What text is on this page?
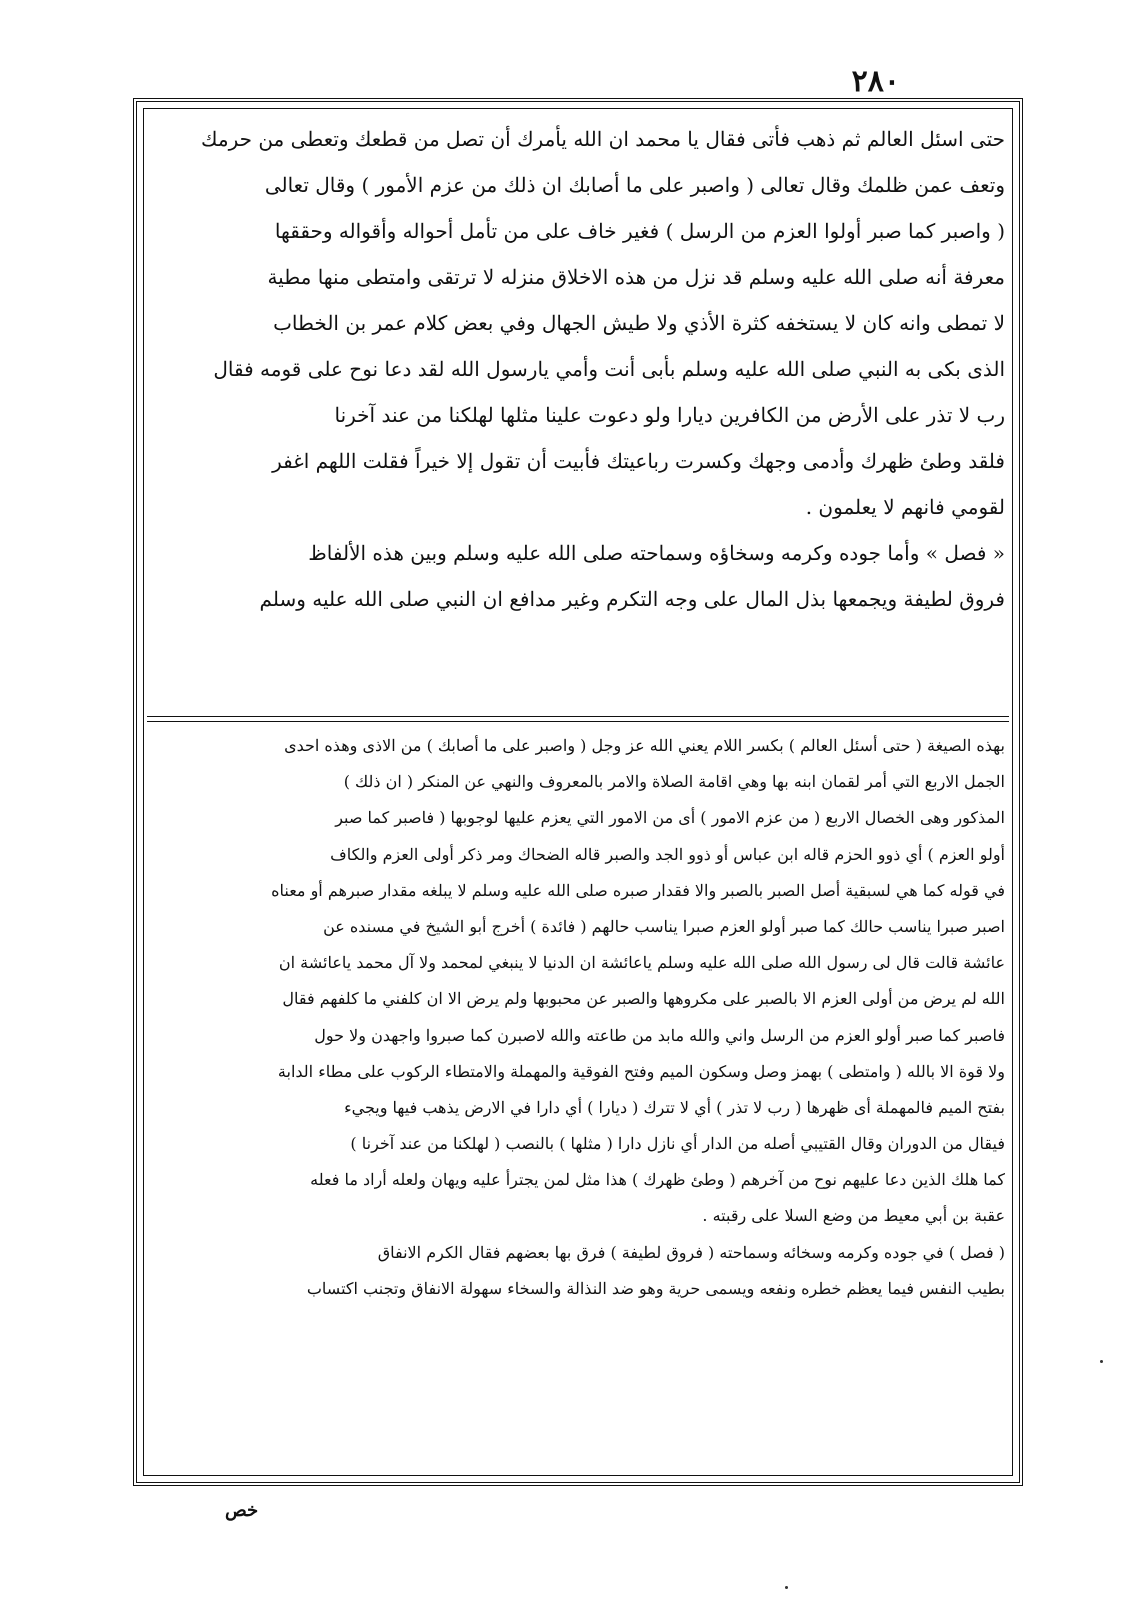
٢٨٠
حتى اسئل العالم ثم ذهب فأتى فقال يا محمد ان الله يأمرك أن تصل من قطعك وتعطى من حرمك
وتعف عمن ظلمك وقال تعالى ( واصبر على ما أصابك ان ذلك من عزم الأمور ) وقال تعالى
( واصبر كما صبر أولوا العزم من الرسل ) فغير خاف على من تأمل أحواله وأقواله وحققها
معرفة أنه صلى الله عليه وسلم قد نزل من هذه الاخلاق منزله لا ترتقى وامتطى منها مطية
لا تمطى وانه كان لا يستخفه كثرة الأذي ولا طيش الجهال وفي بعض كلام عمر بن الخطاب
الذى بكى به النبي صلى الله عليه وسلم بأبى أنت وأمي يارسول الله لقد دعا نوح على قومه فقال
رب لا تذر على الأرض من الكافرين ديارا ولو دعوت علينا مثلها لهلكنا من عند آخرنا
فلقد وطئ ظهرك وأدمى وجهك وكسرت رباعيتك فأبيت أن تقول إلا خيراً فقلت اللهم اغفر
لقومي فانهم لا يعلمون .
« فصل » وأما جوده وكرمه وسخاؤه وسماحته صلى الله عليه وسلم وبين هذه الألفاظ
فروق لطيفة ويجمعها بذل المال على وجه التكرم وغير مدافع ان النبي صلى الله عليه وسلم
بهذه الصيغة ( حتى أسئل العالم ) بكسر اللام يعني الله عز وجل ( واصبر على ما أصابك ) من الاذى وهذه احدى
الجمل الاربع التي أمر لقمان ابنه بها وهي اقامة الصلاة والامر بالمعروف والنهي عن المنكر ( ان ذلك )
المذكور وهى الخصال الاربع ( من عزم الامور ) أى من الامور التي يعزم عليها لوجوبها ( فاصبر كما صبر
أولو العزم ) أي ذوو الحزم قاله ابن عباس أو ذوو الجد والصبر قاله الضحاك ومر ذكر أولى العزم والكاف
في قوله كما هي لسبقية أصل الصبر بالصبر والا فقدار صبره صلى الله عليه وسلم لا يبلغه مقدار صبرهم أو معناه
اصبر صبرا يناسب حالك كما صبر أولو العزم صبرا يناسب حالهم ( فائدة ) أخرج أبو الشيخ في مسنده عن
عائشة قالت قال لى رسول الله صلى الله عليه وسلم ياعائشة ان الدنيا لا ينبغي لمحمد ولا آل محمد ياعائشة ان
الله لم يرض من أولى العزم الا بالصبر على مكروهها والصبر عن محبوبها ولم يرض الا ان كلفني ما كلفهم فقال
فاصبر كما صبر أولو العزم من الرسل واني والله مابد من طاعته والله لاصبرن كما صبروا واجهدن ولا حول
ولا قوة الا بالله ( وامتطى ) بهمز وصل وسكون الميم وفتح الفوقية والمهملة والامتطاء الركوب على مطاء الدابة
بفتح الميم فالمهملة أى ظهرها ( رب لا تذر ) أي لا تترك ( ديارا ) أي دارا في الارض يذهب فيها ويجيء
فيقال من الدوران وقال القتيبي أصله من الدار أي نازل دارا ( مثلها ) بالنصب ( لهلكنا من عند آخرنا )
كما هلك الذين دعا عليهم نوح من آخرهم ( وطئ ظهرك ) هذا مثل لمن يجترأ عليه ويهان ولعله أراد ما فعله
عقبة بن أبي معيط من وضع السلا على رقبته .
( فصل ) في جوده وكرمه وسخائه وسماحته ( فروق لطيفة ) فرق بها بعضهم فقال الكرم الانفاق
بطيب النفس فيما يعظم خطره ونفعه ويسمى حرية وهو ضد النذالة والسخاء سهولة الانفاق وتجنب اكتساب
خص
